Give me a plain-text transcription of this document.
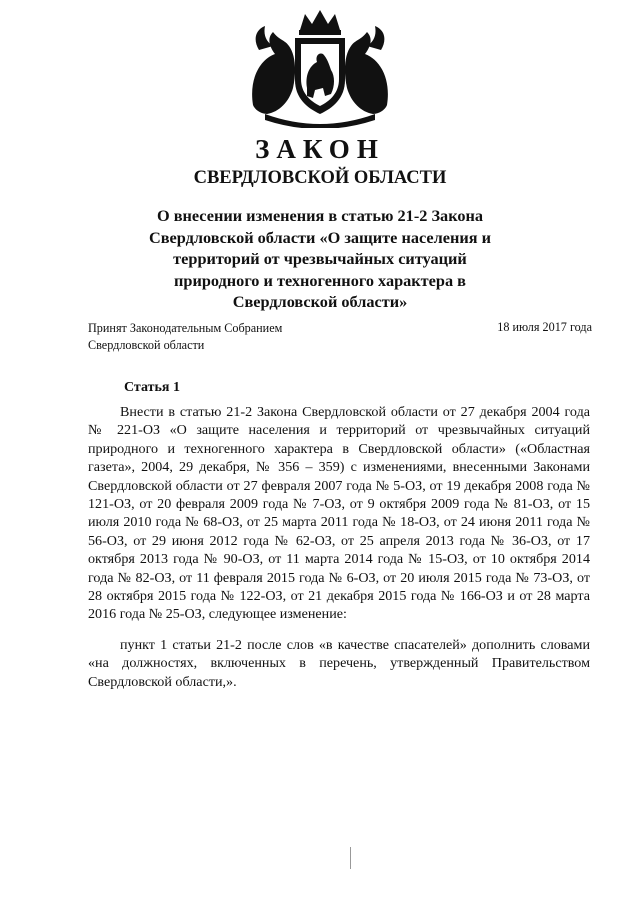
ЗАКОН
СВЕРДЛОВСКОЙ ОБЛАСТИ

О внесении изменения в статью 21-2 Закона Свердловской области «О защите населения и территорий от чрезвычайных ситуаций природного и техногенного характера в Свердловской области»

Принят Законодательным Собранием
Свердловской области
18 июля 2017 года
Статья 1

Внести в статью 21-2 Закона Свердловской области от 27 декабря 2004 года № 221-ОЗ «О защите населения и территорий от чрезвычайных ситуаций природного и техногенного характера в Свердловской области» («Областная газета», 2004, 29 декабря, № 356 – 359) с изменениями, внесенными Законами Свердловской области от 27 февраля 2007 года № 5-ОЗ, от 19 декабря 2008 года № 121-ОЗ, от 20 февраля 2009 года № 7-ОЗ, от 9 октября 2009 года № 81-ОЗ, от 15 июля 2010 года № 68-ОЗ, от 25 марта 2011 года № 18-ОЗ, от 24 июня 2011 года № 56-ОЗ, от 29 июня 2012 года № 62-ОЗ, от 25 апреля 2013 года № 36-ОЗ, от 17 октября 2013 года № 90-ОЗ, от 11 марта 2014 года № 15-ОЗ, от 10 октября 2014 года № 82-ОЗ, от 11 февраля 2015 года № 6-ОЗ, от 20 июля 2015 года № 73-ОЗ, от 28 октября 2015 года № 122-ОЗ, от 21 декабря 2015 года № 166-ОЗ и от 28 марта 2016 года № 25-ОЗ, следующее изменение:

пункт 1 статьи 21-2 после слов «в качестве спасателей» дополнить словами «на должностях, включенных в перечень, утвержденный Правительством Свердловской области,».
